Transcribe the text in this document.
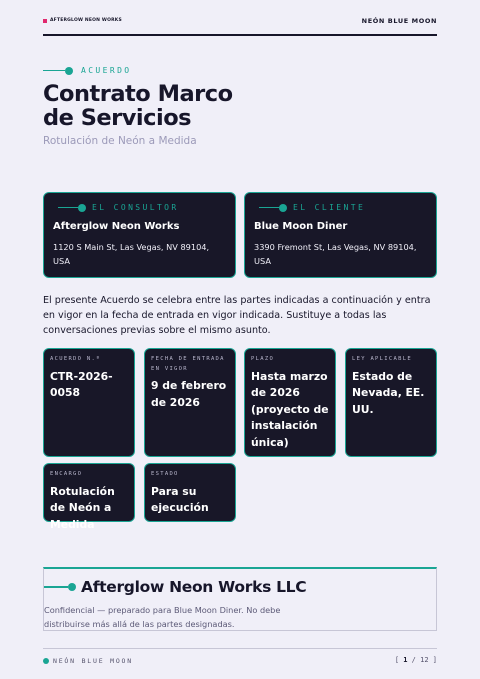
AFTERGLOW NEON WORKS	NEÓN BLUE MOON
ACUERDO
Contrato Marco
de Servicios
Rotulación de Neón a Medida
EL CONSULTOR
Afterglow Neon Works
1120 S Main St, Las Vegas, NV 89104, USA
EL CLIENTE
Blue Moon Diner
3390 Fremont St, Las Vegas, NV 89104, USA
El presente Acuerdo se celebra entre las partes indicadas a continuación y entra en vigor en la fecha de entrada en vigor indicada. Sustituye a todas las conversaciones previas sobre el mismo asunto.
ACUERDO N.º
CTR-2026-0058
FECHA DE ENTRADA EN VIGOR
9 de febrero de 2026
PLAZO
Hasta marzo de 2026 (proyecto de instalación única)
LEY APLICABLE
Estado de Nevada, EE. UU.
ENCARGO
Rotulación de Neón a Medida
ESTADO
Para su ejecución
Afterglow Neon Works LLC
Confidencial — preparado para Blue Moon Diner. No debe distribuirse más allá de las partes designadas.
NEÓN BLUE MOON	[ 1 / 12 ]
